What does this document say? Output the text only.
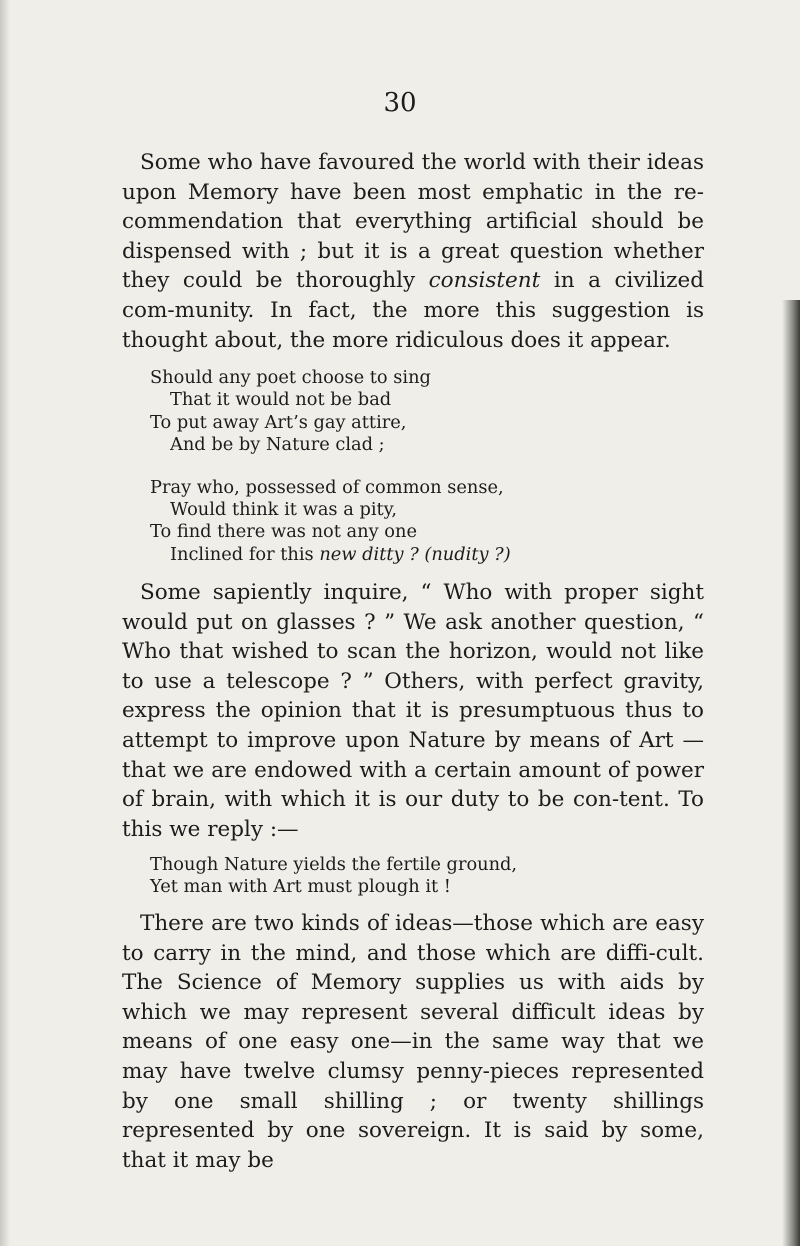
30

Some who have favoured the world with their ideas upon Memory have been most emphatic in the re-commendation that everything artificial should be dispensed with ; but it is a great question whether they could be thoroughly consistent in a civilized com-munity. In fact, the more this suggestion is thought about, the more ridiculous does it appear.

Should any poet choose to sing
That it would not be bad
To put away Art’s gay attire,
And be by Nature clad ;
Pray who, possessed of common sense,
Would think it was a pity,
To find there was not any one
Inclined for this new ditty ? (nudity ?)

Some sapiently inquire, “ Who with proper sight would put on glasses ? ” We ask another question, “ Who that wished to scan the horizon, would not like to use a telescope ? ” Others, with perfect gravity, express the opinion that it is presumptuous thus to attempt to improve upon Nature by means of Art —that we are endowed with a certain amount of power of brain, with which it is our duty to be con-tent. To this we reply :—

Though Nature yields the fertile ground,
Yet man with Art must plough it !

There are two kinds of ideas—those which are easy to carry in the mind, and those which are diffi-cult. The Science of Memory supplies us with aids by which we may represent several difficult ideas by means of one easy one—in the same way that we may have twelve clumsy penny-pieces represented by one small shilling ; or twenty shillings represented by one sovereign. It is said by some, that it may be
